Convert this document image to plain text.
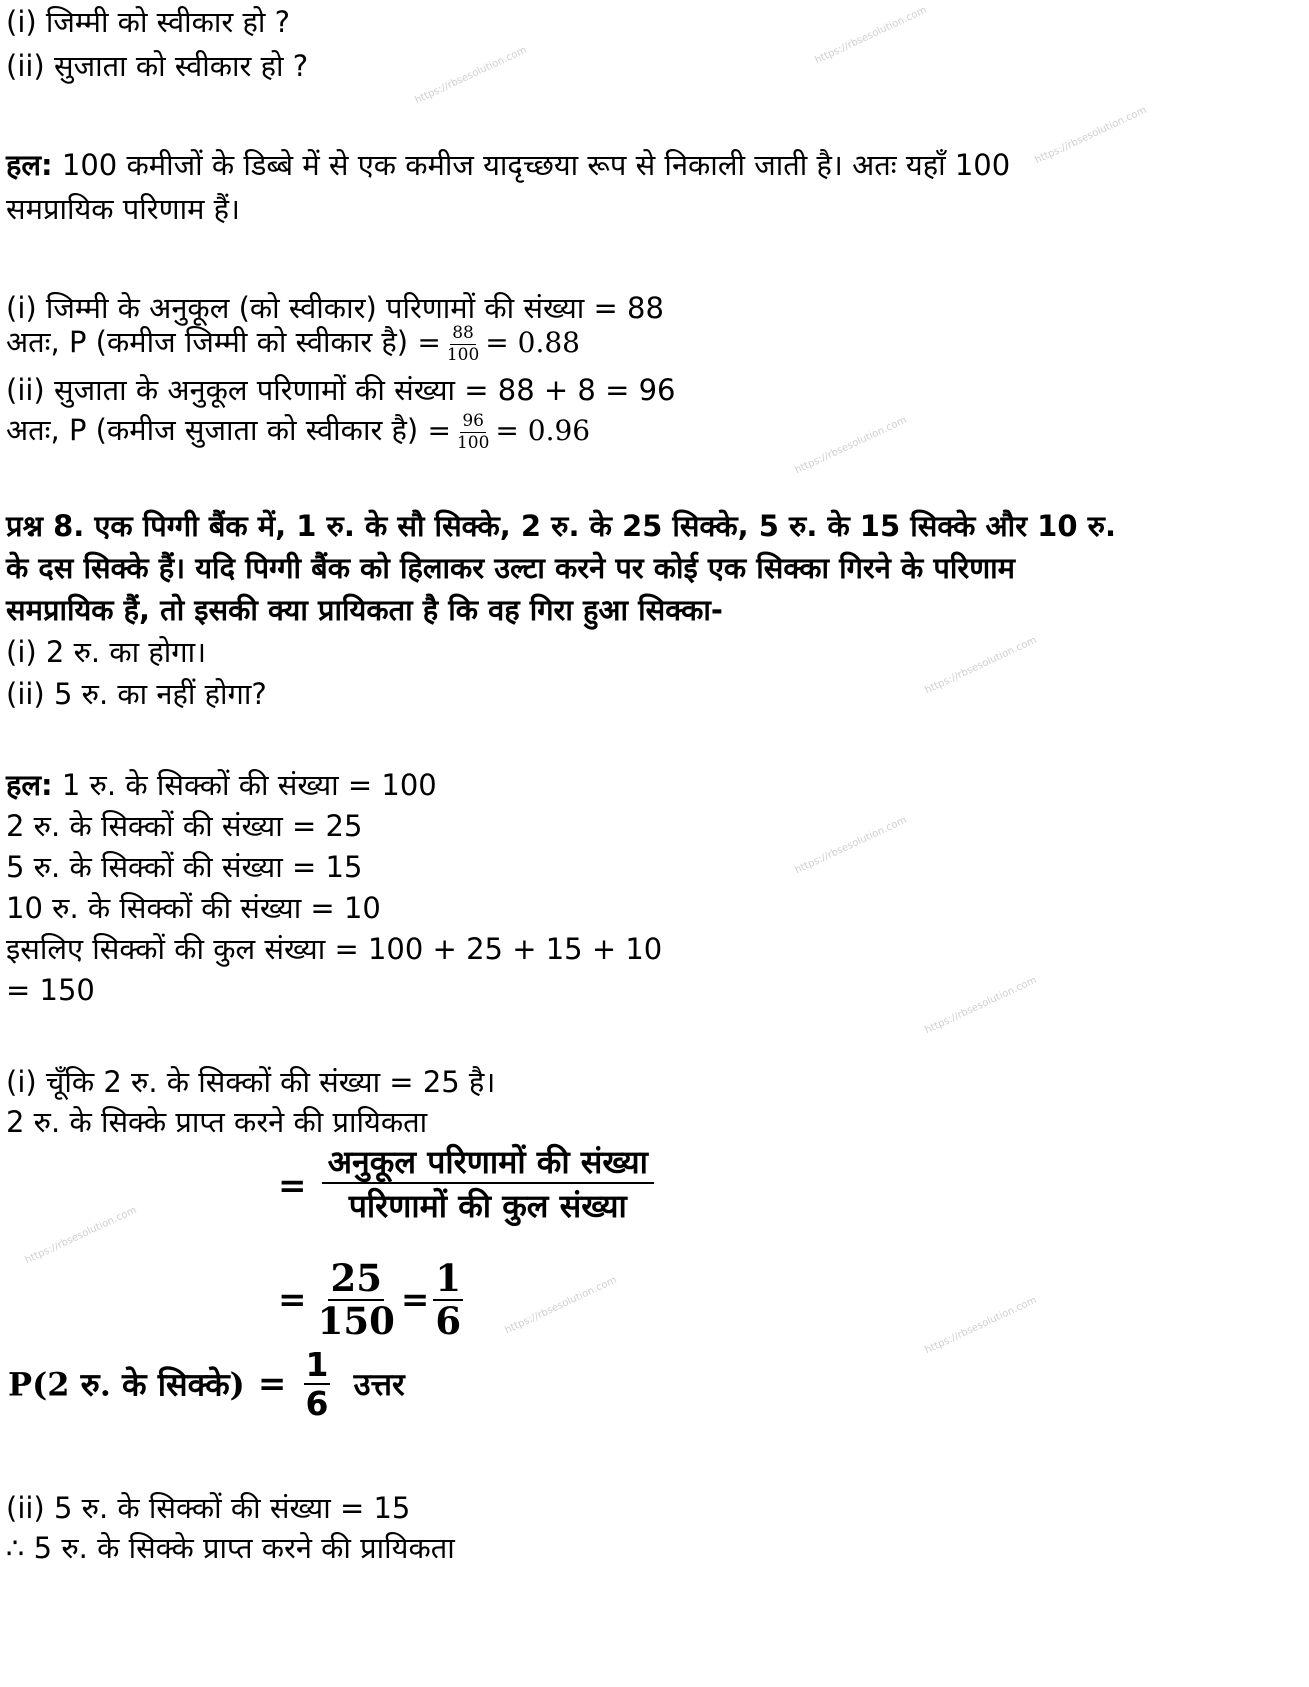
https://rbsesolution.com
https://rbsesolution.com
https://rbsesolution.com
https://rbsesolution.com
https://rbsesolution.com
https://rbsesolution.com
https://rbsesolution.com
https://rbsesolution.com
https://rbsesolution.com	https://rbsesolution.com

(i) जिम्मी को स्वीकार हो ?

(ii) सुजाता को स्वीकार हो ?

हल: 100 कमीजों के डिब्बे में से एक कमीज यादृच्छया रूप से निकाली जाती है। अतः यहाँ 100

समप्रायिक परिणाम हैं।

(i) जिम्मी के अनुकूल (को स्वीकार) परिणामों की संख्या = 88

अतः, P (कमीज जिम्मी को स्वीकार है) = $\frac{88}{100} = 0.88$

(ii) सुजाता के अनुकूल परिणामों की संख्या = 88 + 8 = 96

अतः, P (कमीज सुजाता को स्वीकार है) = $\frac{96}{100} = 0.96$

प्रश्न 8. एक पिग्गी बैंक में, 1 रु. के सौ सिक्के, 2 रु. के 25 सिक्के, 5 रु. के 15 सिक्के और 10 रु.

के दस सिक्के हैं। यदि पिग्गी बैंक को हिलाकर उल्टा करने पर कोई एक सिक्का गिरने के परिणाम

समप्रायिक हैं, तो इसकी क्या प्रायिकता है कि वह गिरा हुआ सिक्का-

(i) 2 रु. का होगा।

(ii) 5 रु. का नहीं होगा?

हल: 1 रु. के सिक्कों की संख्या = 100

2 रु. के सिक्कों की संख्या = 25

5 रु. के सिक्कों की संख्या = 15

10 रु. के सिक्कों की संख्या = 10

इसलिए सिक्कों की कुल संख्या = 100 + 25 + 15 + 10

= 150

(i) चूँकि 2 रु. के सिक्कों की संख्या = 25 है।

2 रु. के सिक्के प्राप्त करने की प्रायिकता

= $\frac{\text{अनुकूल परिणामों की संख्या}}{\text{परिणामों की कुल संख्या}}$
= $\frac{25}{150} = \frac{1}{6}$
P(2 रु. के सिक्के) = $\frac{1}{6}$ उत्तर

(ii) 5 रु. के सिक्कों की संख्या = 15

∴ 5 रु. के सिक्के प्राप्त करने की प्रायिकता
